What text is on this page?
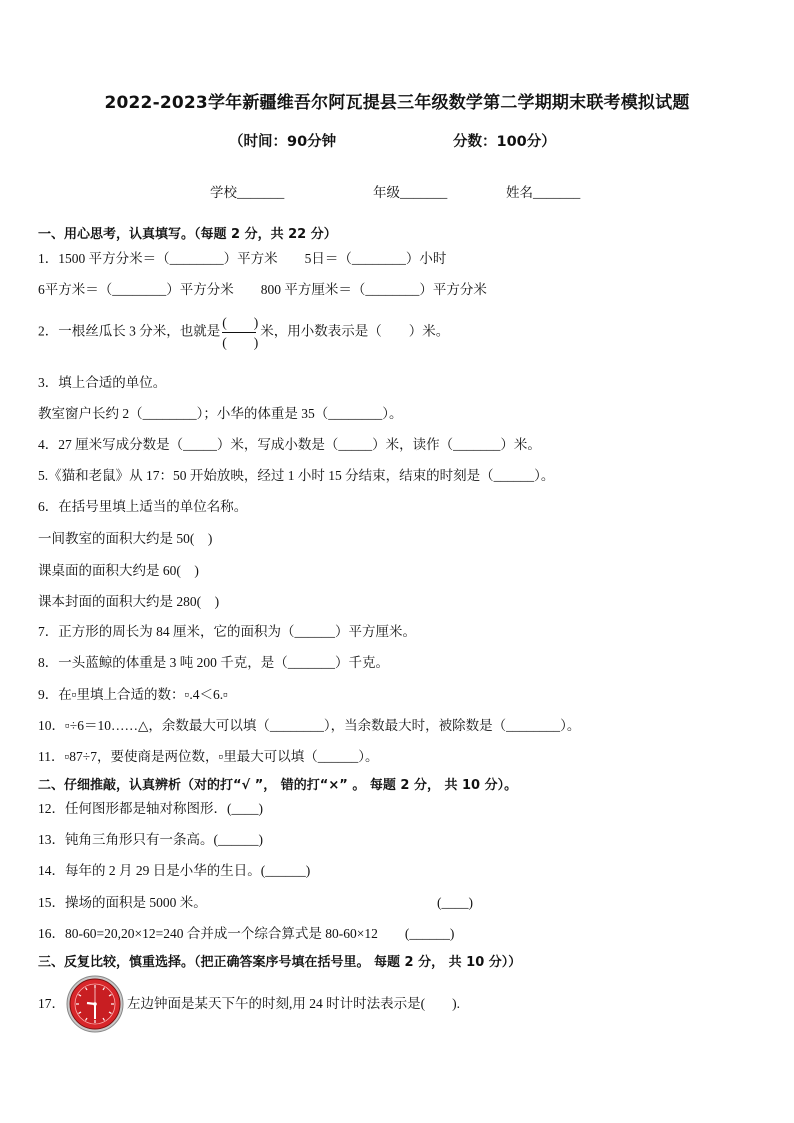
2022-2023学年新疆维吾尔阿瓦提县三年级数学第二学期期末联考模拟试题
（时间：90分钟	分数：100分）
学校_______	年级_______	姓名_______
一、用心思考，认真填写。（每题 2 分，共 22 分）
1．1500 平方分米＝（________）平方米　　5日＝（________）小时
6平方米＝（________）平方分米　　800 平方厘米＝（________）平方分米
2．一根丝瓜长 3 分米，也就是 $\frac{( )}{( )}$ 米，用小数表示是（　　）米。
3．填上合适的单位。
教室窗户长约 2（________）；小华的体重是 35（________）。
4．27 厘米写成分数是（_____）米，写成小数是（_____）米，读作（_______）米。
5.《猫和老鼠》从 17：50 开始放映，经过 1 小时 15 分结束，结束的时刻是（______）。
6．在括号里填上适当的单位名称。
一间教室的面积大约是 50(　)
课桌面的面积大约是 60(　)
课本封面的面积大约是 280(　)
7．正方形的周长为 84 厘米，它的面积为（______）平方厘米。
8．一头蓝鲸的体重是 3 吨 200 千克，是（_______）千克。
9．在▫里填上合适的数：▫.4＜6.▫
10．▫÷6＝10……△，余数最大可以填（________），当余数最大时，被除数是（________）。
11．▫87÷7，要使商是两位数，▫里最大可以填（______）。
二、仔细推敲，认真辨析（对的打“√ ”， 错的打“×” 。 每题 2 分， 共 10 分）。
12．任何图形都是轴对称图形．(____)
13．钝角三角形只有一条高。(______)
14．每年的 2 月 29 日是小华的生日。(______)
15．操场的面积是 5000 米。	(____)
16．80-60=20,20×12=240 合并成一个综合算式是 80-60×12　　(______)
三、反复比较，慎重选择。（把正确答案序号填在括号里。 每题 2 分， 共 10 分））
17．	左边钟面是某天下午的时刻,用 24 时计时法表示是(　　).
